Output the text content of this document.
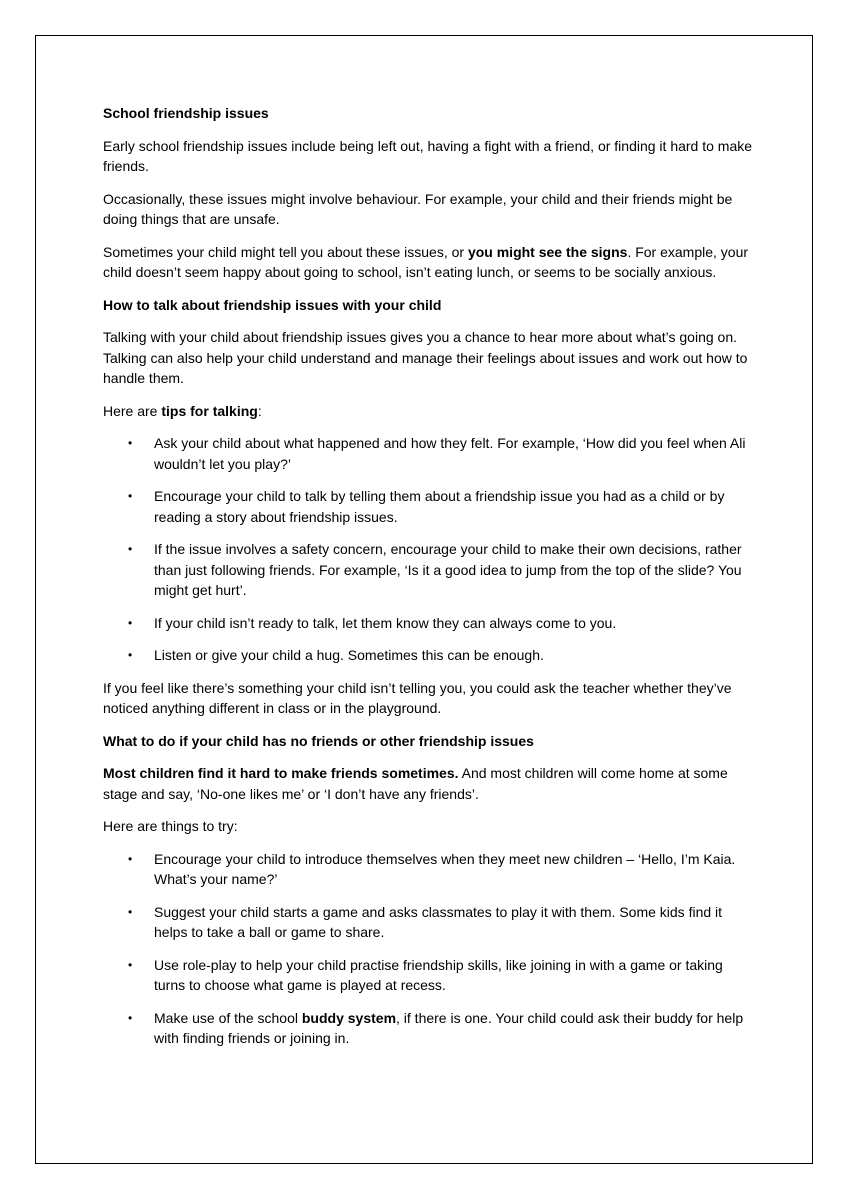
School friendship issues

Early school friendship issues include being left out, having a fight with a friend, or finding it hard to make friends.

Occasionally, these issues might involve behaviour. For example, your child and their friends might be doing things that are unsafe.

Sometimes your child might tell you about these issues, or you might see the signs. For example, your child doesn’t seem happy about going to school, isn’t eating lunch, or seems to be socially anxious.

How to talk about friendship issues with your child

Talking with your child about friendship issues gives you a chance to hear more about what’s going on. Talking can also help your child understand and manage their feelings about issues and work out how to handle them.

Here are tips for talking:

• Ask your child about what happened and how they felt. For example, ‘How did you feel when Ali wouldn’t let you play?’
• Encourage your child to talk by telling them about a friendship issue you had as a child or by reading a story about friendship issues.
• If the issue involves a safety concern, encourage your child to make their own decisions, rather than just following friends. For example, ‘Is it a good idea to jump from the top of the slide? You might get hurt’.
• If your child isn’t ready to talk, let them know they can always come to you.
• Listen or give your child a hug. Sometimes this can be enough.

If you feel like there’s something your child isn’t telling you, you could ask the teacher whether they’ve noticed anything different in class or in the playground.

What to do if your child has no friends or other friendship issues

Most children find it hard to make friends sometimes. And most children will come home at some stage and say, ‘No-one likes me’ or ‘I don’t have any friends’.

Here are things to try:

• Encourage your child to introduce themselves when they meet new children – ‘Hello, I’m Kaia. What’s your name?’
• Suggest your child starts a game and asks classmates to play it with them. Some kids find it helps to take a ball or game to share.
• Use role-play to help your child practise friendship skills, like joining in with a game or taking turns to choose what game is played at recess.
• Make use of the school buddy system, if there is one. Your child could ask their buddy for help with finding friends or joining in.
